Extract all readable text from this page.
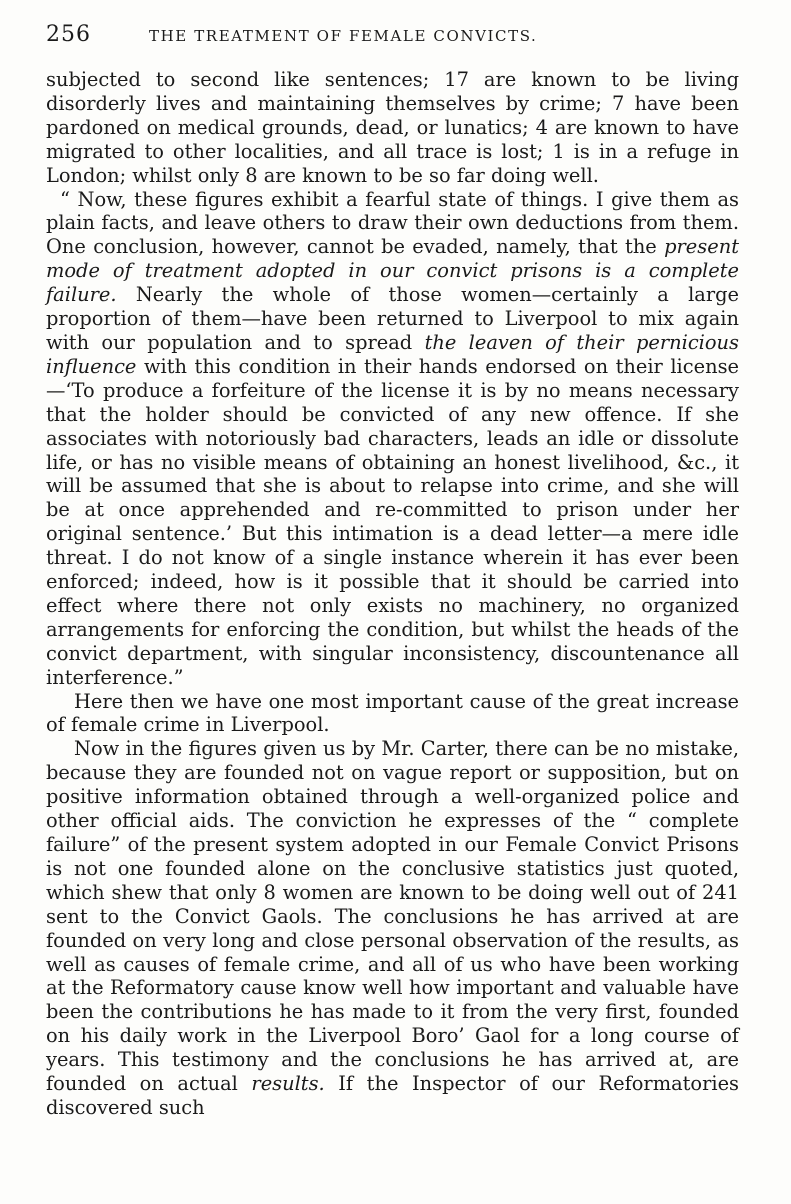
256	THE TREATMENT OF FEMALE CONVICTS.

subjected to second like sentences; 17 are known to be living disorderly lives and maintaining themselves by crime; 7 have been pardoned on medical grounds, dead, or lunatics; 4 are known to have migrated to other localities, and all trace is lost; 1 is in a refuge in London; whilst only 8 are known to be so far doing well.

“ Now, these figures exhibit a fearful state of things. I give them as plain facts, and leave others to draw their own deductions from them. One conclusion, however, cannot be evaded, namely, that the present mode of treatment adopted in our convict prisons is a complete failure. Nearly the whole of those women—certainly a large proportion of them—have been returned to Liverpool to mix again with our population and to spread the leaven of their pernicious influence with this condition in their hands endorsed on their license—‘To produce a forfeiture of the license it is by no means necessary that the holder should be convicted of any new offence. If she associates with notoriously bad characters, leads an idle or dissolute life, or has no visible means of obtaining an honest livelihood, &c., it will be assumed that she is about to relapse into crime, and she will be at once apprehended and re-committed to prison under her original sentence.’ But this intimation is a dead letter—a mere idle threat. I do not know of a single instance wherein it has ever been enforced; indeed, how is it possible that it should be carried into effect where there not only exists no machinery, no organized arrangements for enforcing the condition, but whilst the heads of the convict department, with singular inconsistency, discountenance all interference.”

Here then we have one most important cause of the great increase of female crime in Liverpool.

Now in the figures given us by Mr. Carter, there can be no mistake, because they are founded not on vague report or supposition, but on positive information obtained through a well-organized police and other official aids. The conviction he expresses of the “ complete failure” of the present system adopted in our Female Convict Prisons is not one founded alone on the conclusive statistics just quoted, which shew that only 8 women are known to be doing well out of 241 sent to the Convict Gaols. The conclusions he has arrived at are founded on very long and close personal observation of the results, as well as causes of female crime, and all of us who have been working at the Reformatory cause know well how important and valuable have been the contributions he has made to it from the very first, founded on his daily work in the Liverpool Boro’ Gaol for a long course of years. This testimony and the conclusions he has arrived at, are founded on actual results. If the Inspector of our Reformatories discovered such
